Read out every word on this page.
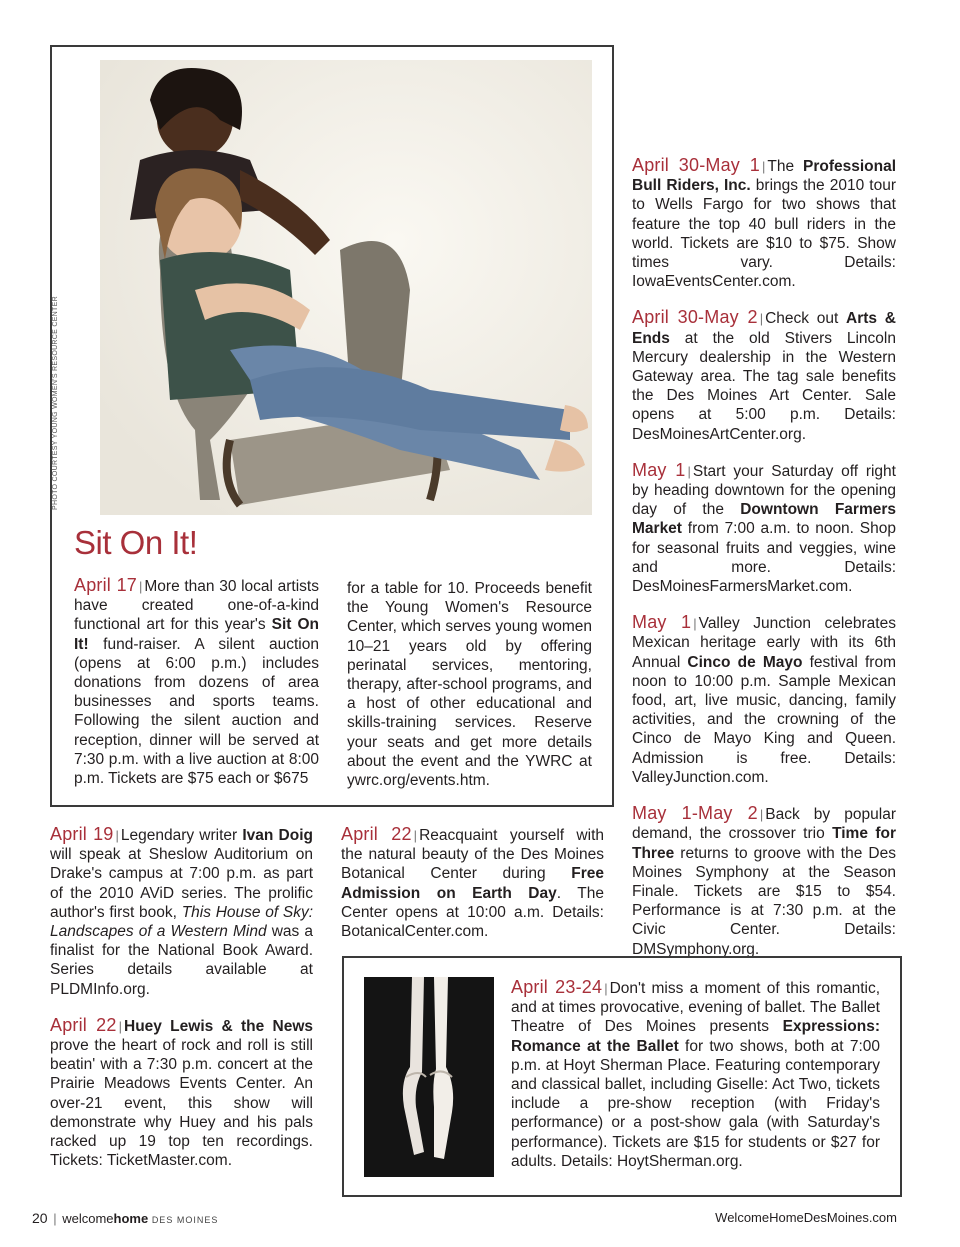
PHOTO COURTESY YOUNG WOMEN'S RESOURCE CENTER
Sit On It!
April 17 | More than 30 local artists have created one-of-a-kind functional art for this year's Sit On It! fund-raiser. A silent auction (opens at 6:00 p.m.) includes donations from dozens of area businesses and sports teams. Following the silent auction and reception, dinner will be served at 7:30 p.m. with a live auction at 8:00 p.m. Tickets are $75 each or $675
for a table for 10. Proceeds benefit the Young Women's Resource Center, which serves young women 10–21 years old by offering perinatal services, mentoring, therapy, after-school programs, and a host of other educational and skills-training services. Reserve your seats and get more details about the event and the YWRC at ywrc.org/events.htm.
April 30-May 1 | The Professional Bull Riders, Inc. brings the 2010 tour to Wells Fargo for two shows that feature the top 40 bull riders in the world. Tickets are $10 to $75. Show times vary. Details: IowaEventsCenter.com.
April 30-May 2 | Check out Arts & Ends at the old Stivers Lincoln Mercury dealership in the Western Gateway area. The tag sale benefits the Des Moines Art Center. Sale opens at 5:00 p.m. Details: DesMoinesArtCenter.org.
May 1 | Start your Saturday off right by heading downtown for the opening day of the Downtown Farmers Market from 7:00 a.m. to noon. Shop for seasonal fruits and veggies, wine and more. Details: DesMoinesFarmersMarket.com.
May 1 | Valley Junction celebrates Mexican heritage early with its 6th Annual Cinco de Mayo festival from noon to 10:00 p.m. Sample Mexican food, art, live music, dancing, family activities, and the crowning of the Cinco de Mayo King and Queen. Admission is free. Details: ValleyJunction.com.
May 1-May 2 | Back by popular demand, the crossover trio Time for Three returns to groove with the Des Moines Symphony at the Season Finale. Tickets are $15 to $54. Performance is at 7:30 p.m. at the Civic Center. Details: DMSymphony.org.
April 19 | Legendary writer Ivan Doig will speak at Sheslow Auditorium on Drake's campus at 7:00 p.m. as part of the 2010 AViD series. The prolific author's first book, This House of Sky: Landscapes of a Western Mind was a finalist for the National Book Award. Series details available at PLDMInfo.org.
April 22 | Huey Lewis & the News prove the heart of rock and roll is still beatin' with a 7:30 p.m. concert at the Prairie Meadows Events Center. An over-21 event, this show will demonstrate why Huey and his pals racked up 19 top ten recordings. Tickets: TicketMaster.com.
April 22 | Reacquaint yourself with the natural beauty of the Des Moines Botanical Center during Free Admission on Earth Day. The Center opens at 10:00 a.m. Details: BotanicalCenter.com.
April 23-24 | Don't miss a moment of this romantic, and at times provocative, evening of ballet. The Ballet Theatre of Des Moines presents Expressions: Romance at the Ballet for two shows, both at 7:00 p.m. at Hoyt Sherman Place. Featuring contemporary and classical ballet, including Giselle: Act Two, tickets include a pre-show reception (with Friday's performance) or a post-show gala (with Saturday's performance). Tickets are $15 for students or $27 for adults. Details: HoytSherman.org.
20 | welcomehome DES MOINES	WelcomeHomeDesMoines.com
